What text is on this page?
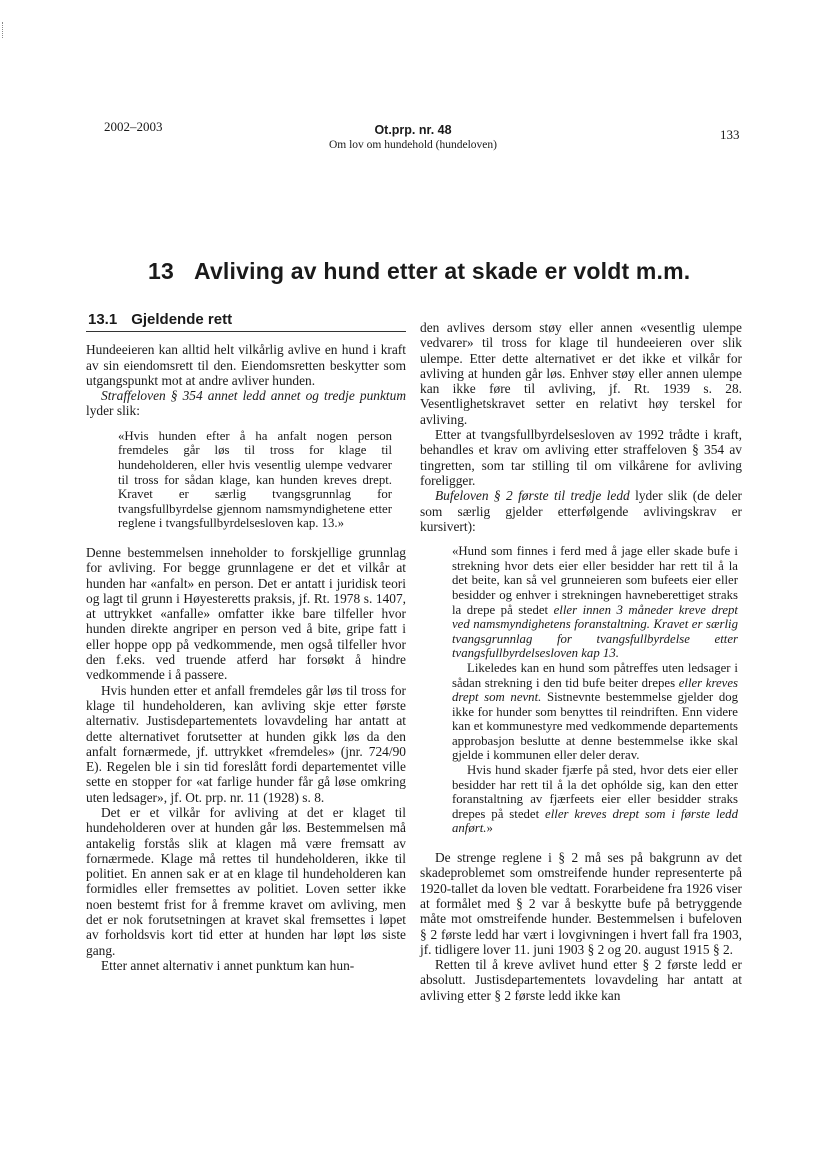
2002–2003	Ot.prp. nr. 48
Om lov om hundehold (hundeloven)
133
13 Avliving av hund etter at skade er voldt m.m.
13.1 Gjeldende rett

Hundeeieren kan alltid helt vilkårlig avlive en hund i kraft av sin eiendomsrett til den. Eiendomsretten beskytter som utgangspunkt mot at andre avliver hunden.

Straffeloven § 354 annet ledd annet og tredje punktum lyder slik:

«Hvis hunden efter å ha anfalt nogen person fremdeles går løs til tross for klage til hundeholderen, eller hvis vesentlig ulempe vedvarer til tross for sådan klage, kan hunden kreves drept. Kravet er særlig tvangsgrunnlag for tvangsfullbyrdelse gjennom namsmyndighetene etter reglene i tvangsfullbyrdelsesloven kap. 13.»

Denne bestemmelsen inneholder to forskjellige grunnlag for avliving. For begge grunnlagene er det et vilkår at hunden har «anfalt» en person. Det er antatt i juridisk teori og lagt til grunn i Høyesteretts praksis, jf. Rt. 1978 s. 1407, at uttrykket «anfalle» omfatter ikke bare tilfeller hvor hunden direkte angriper en person ved å bite, gripe fatt i eller hoppe opp på vedkommende, men også tilfeller hvor den f.eks. ved truende atferd har forsøkt å hindre vedkommende i å passere.

Hvis hunden etter et anfall fremdeles går løs til tross for klage til hundeholderen, kan avliving skje etter første alternativ. Justisdepartementets lovavdeling har antatt at dette alternativet forutsetter at hunden gikk løs da den anfalt fornærmede, jf. uttrykket «fremdeles» (jnr. 724/90 E). Regelen ble i sin tid foreslått fordi departementet ville sette en stopper for «at farlige hunder får gå løse omkring uten ledsager», jf. Ot. prp. nr. 11 (1928) s. 8.

Det er et vilkår for avliving at det er klaget til hundeholderen over at hunden går løs. Bestemmelsen må antakelig forstås slik at klagen må være fremsatt av fornærmede. Klage må rettes til hundeholderen, ikke til politiet. En annen sak er at en klage til hundeholderen kan formidles eller fremsettes av politiet. Loven setter ikke noen bestemt frist for å fremme kravet om avliving, men det er nok forutsetningen at kravet skal fremsettes i løpet av forholdsvis kort tid etter at hunden har løpt løs siste gang.

Etter annet alternativ i annet punktum kan hun-

den avlives dersom støy eller annen «vesentlig ulempe vedvarer» til tross for klage til hundeeieren over slik ulempe. Etter dette alternativet er det ikke et vilkår for avliving at hunden går løs. Enhver støy eller annen ulempe kan ikke føre til avliving, jf. Rt. 1939 s. 28. Vesentlighetskravet setter en relativt høy terskel for avliving.

Etter at tvangsfullbyrdelsesloven av 1992 trådte i kraft, behandles et krav om avliving etter straffeloven § 354 av tingretten, som tar stilling til om vilkårene for avliving foreligger.

Bufeloven § 2 første til tredje ledd lyder slik (de deler som særlig gjelder etterfølgende avlivingskrav er kursivert):

«Hund som finnes i ferd med å jage eller skade bufe i strekning hvor dets eier eller besidder har rett til å la det beite, kan så vel grunneieren som bufeets eier eller besidder og enhver i strekningen havneberettiget straks la drepe på stedet eller innen 3 måneder kreve drept ved namsmyndighetens foranstaltning. Kravet er særlig tvangsgrunnlag for tvangsfullbyrdelse etter tvangsfullbyrdelsesloven kap 13.

Likeledes kan en hund som påtreffes uten ledsager i sådan strekning i den tid bufe beiter drepes eller kreves drept som nevnt. Sistnevnte bestemmelse gjelder dog ikke for hunder som benyttes til reindriften. Enn videre kan et kommunestyre med vedkommende departements approbasjon beslutte at denne bestemmelse ikke skal gjelde i kommunen eller deler derav.

Hvis hund skader fjærfe på sted, hvor dets eier eller besidder har rett til å la det ophólde sig, kan den etter foranstaltning av fjærfeets eier eller besidder straks drepes på stedet eller kreves drept som i første ledd anført.»

De strenge reglene i § 2 må ses på bakgrunn av det skadeproblemet som omstreifende hunder representerte på 1920-tallet da loven ble vedtatt. Forarbeidene fra 1926 viser at formålet med § 2 var å beskytte bufe på betryggende måte mot omstreifende hunder. Bestemmelsen i bufeloven § 2 første ledd har vært i lovgivningen i hvert fall fra 1903, jf. tidligere lover 11. juni 1903 § 2 og 20. august 1915 § 2.

Retten til å kreve avlivet hund etter § 2 første ledd er absolutt. Justisdepartementets lovavdeling har antatt at avliving etter § 2 første ledd ikke kan
